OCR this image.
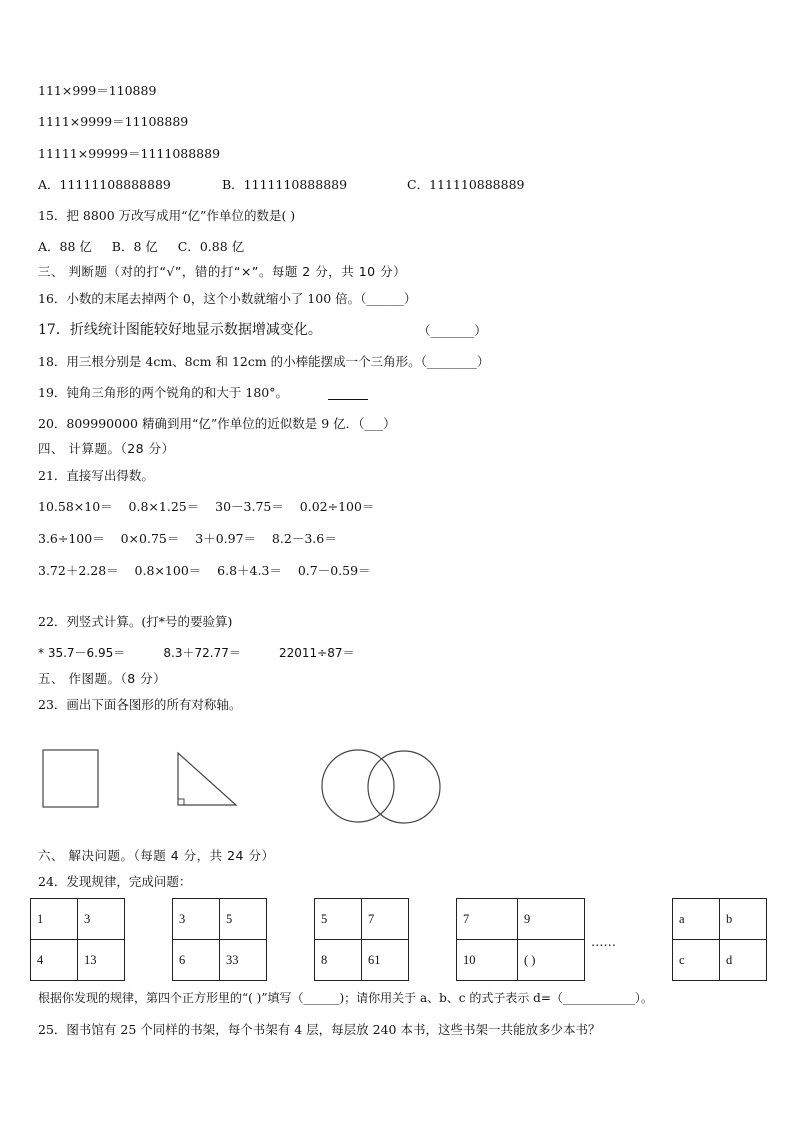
111×999＝110889
1111×9999＝11108889
11111×99999＝1111088889
A．11111108888889	B．1111110888889	C．111110888889
15．把 8800 万改写成用“亿”作单位的数是( )
A．88 亿     B．8 亿     C．0.88 亿
三、 判断题（对的打“√”，错的打“×”。每题 2 分，共 10 分）
16．小数的末尾去掉两个 0，这个小数就缩小了 100 倍。（______）
17．折线统计图能较好地显示数据增减变化。	（_______）
18．用三根分别是 4cm、8cm 和 12cm 的小棒能摆成一个三角形。（________）
19．钝角三角形的两个锐角的和大于 180°。
20．809990000 精确到用“亿”作单位的近似数是 9 亿．（___）
四、 计算题。（28 分）
21．直接写出得数。
10.58×10＝    0.8×1.25＝    30－3.75＝    0.02÷100＝
3.6÷100＝    0×0.75＝    3＋0.97＝    8.2－3.6＝
3.72＋2.28＝    0.8×100＝    6.8＋4.3＝    0.7－0.59＝
22．列竖式计算。(打*号的要验算)
* 35.7－6.95＝          8.3＋72.77＝          22011÷87＝
五、 作图题。（8 分）
23．画出下面各图形的所有对称轴。
六、 解决问题。（每题 4 分，共 24 分）
24．发现规律，完成问题：
1	3
4	13
3	5
6	33
5	7
8	61
7	9
10	( )
……
a	b
c	d
根据你发现的规律，第四个正方形里的“( )”填写（______)；请你用关于 a、b、c 的式子表示 d=（____________）。
25．图书馆有 25 个同样的书架，每个书架有 4 层，每层放 240 本书，这些书架一共能放多少本书？
